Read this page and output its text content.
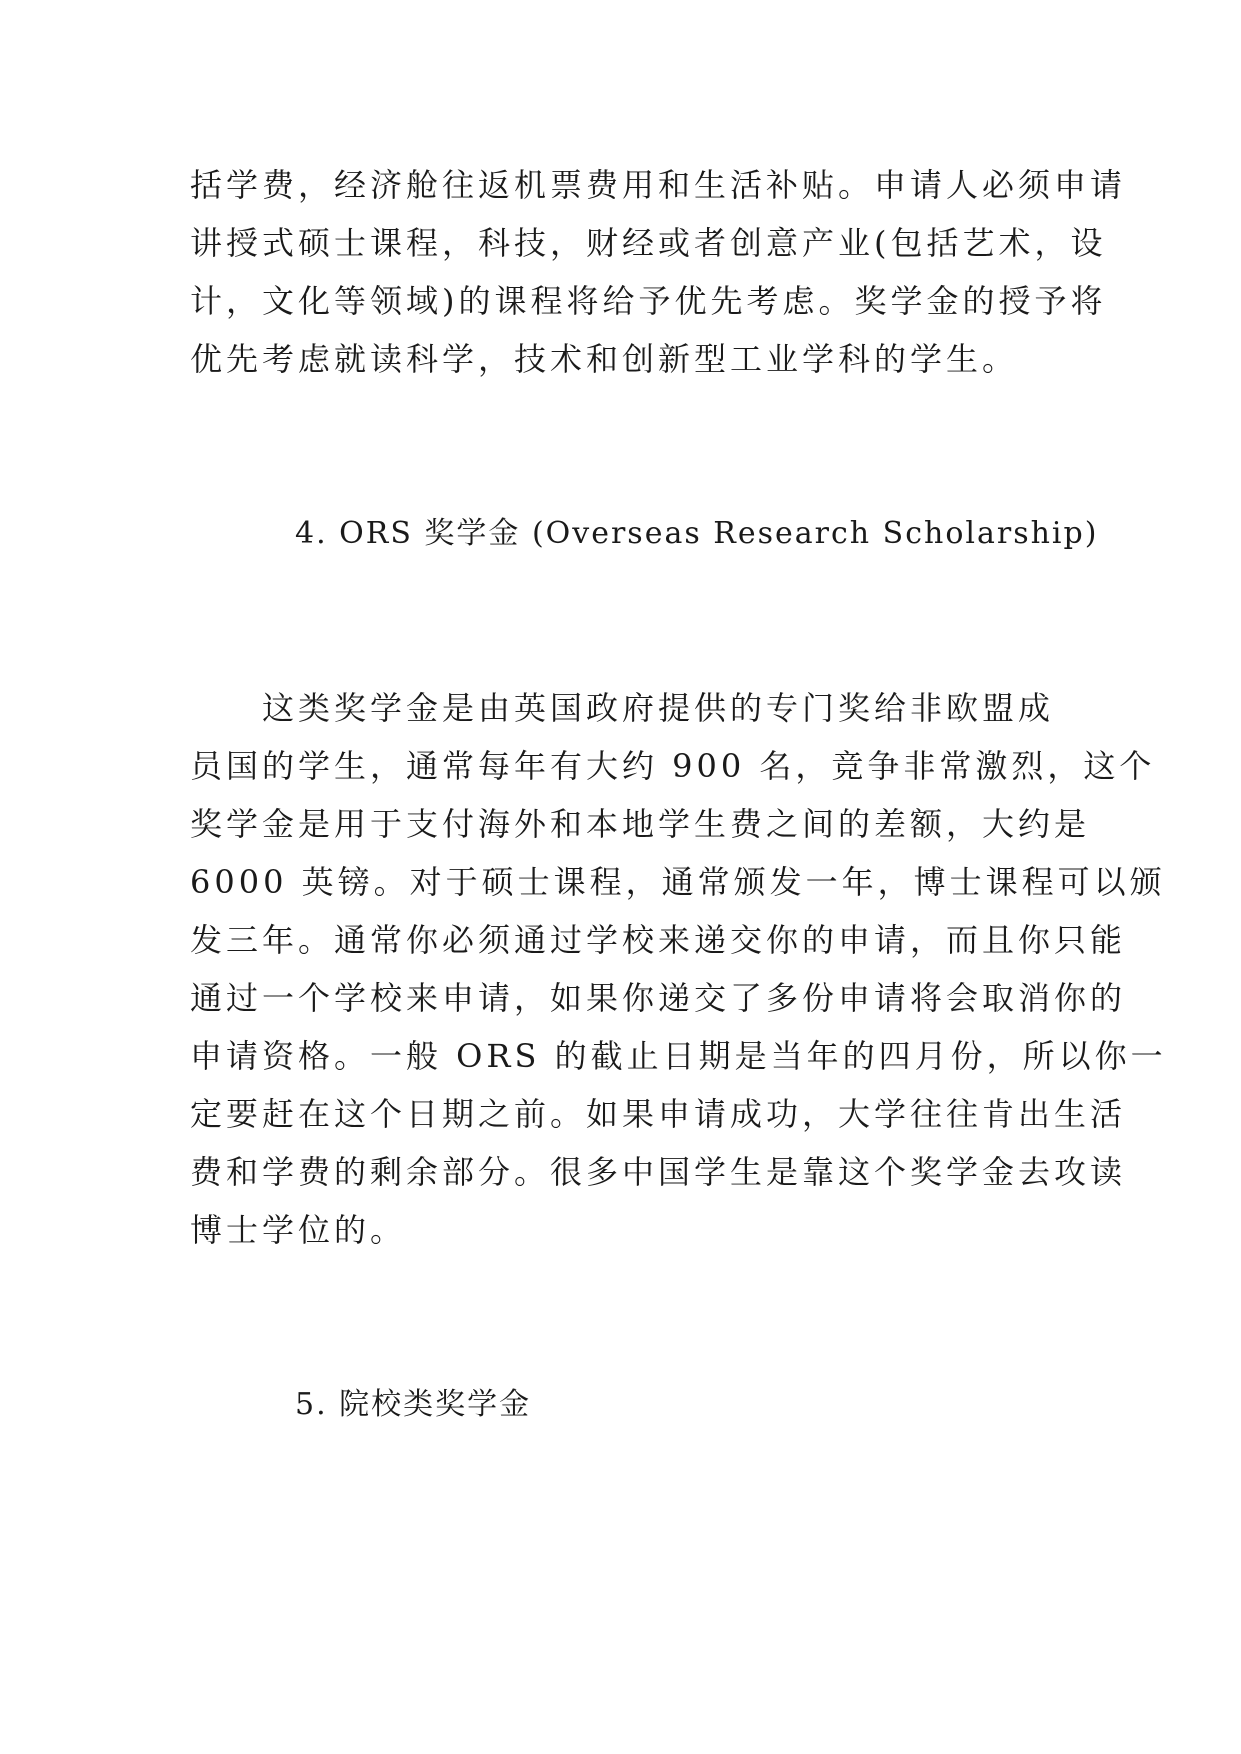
括学费，经济舱往返机票费用和生活补贴。申请人必须申请
讲授式硕士课程，科技，财经或者创意产业(包括艺术，设
计，文化等领域)的课程将给予优先考虑。奖学金的授予将
优先考虑就读科学，技术和创新型工业学科的学生。
4. ORS 奖学金 (Overseas Research Scholarship)
　　这类奖学金是由英国政府提供的专门奖给非欧盟成
员国的学生，通常每年有大约 900 名，竞争非常激烈，这个
奖学金是用于支付海外和本地学生费之间的差额，大约是
6000 英镑。对于硕士课程，通常颁发一年，博士课程可以颁
发三年。通常你必须通过学校来递交你的申请，而且你只能
通过一个学校来申请，如果你递交了多份申请将会取消你的
申请资格。一般 ORS 的截止日期是当年的四月份，所以你一
定要赶在这个日期之前。如果申请成功，大学往往肯出生活
费和学费的剩余部分。很多中国学生是靠这个奖学金去攻读
博士学位的。
5. 院校类奖学金
